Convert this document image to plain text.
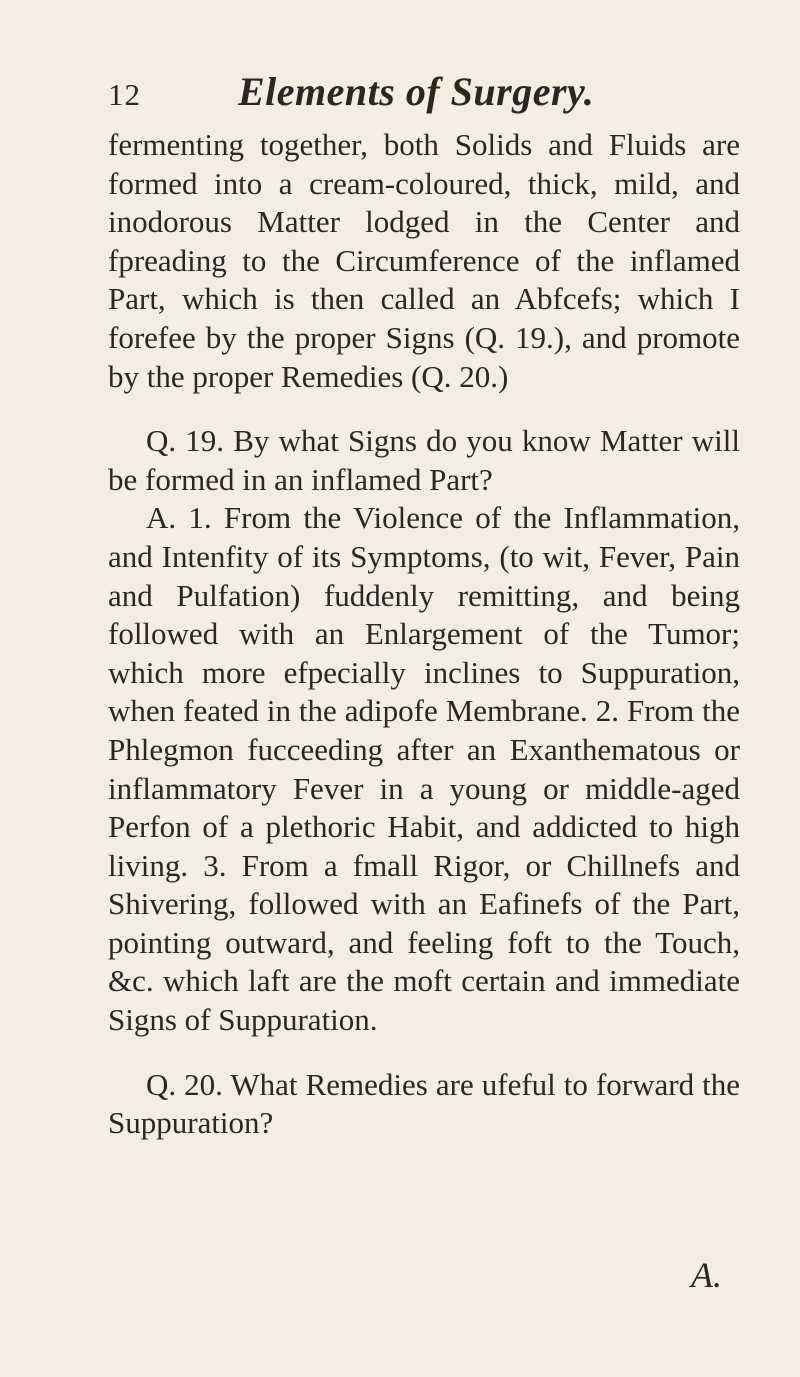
12	Elements of Surgery.

fermenting together, both Solids and Fluids are formed into a cream-coloured, thick, mild, and inodorous Matter lodged in the Center and fpreading to the Circumference of the inflamed Part, which is then called an Abfcefs; which I forefee by the proper Signs (Q. 19.), and promote by the proper Remedies (Q. 20.)

Q. 19. By what Signs do you know Matter will be formed in an inflamed Part?

A. 1. From the Violence of the Inflammation, and Intenfity of its Symptoms, (to wit, Fever, Pain and Pulfation) fuddenly remitting, and being followed with an Enlargement of the Tumor; which more efpecially inclines to Suppuration, when feated in the adipofe Membrane. 2. From the Phlegmon fucceeding after an Exanthematous or inflammatory Fever in a young or middle-aged Perfon of a plethoric Habit, and addicted to high living. 3. From a fmall Rigor, or Chillnefs and Shivering, followed with an Eafinefs of the Part, pointing outward, and feeling foft to the Touch, &c. which laft are the moft certain and immediate Signs of Suppuration.

Q. 20. What Remedies are ufeful to forward the Suppuration?

A.
